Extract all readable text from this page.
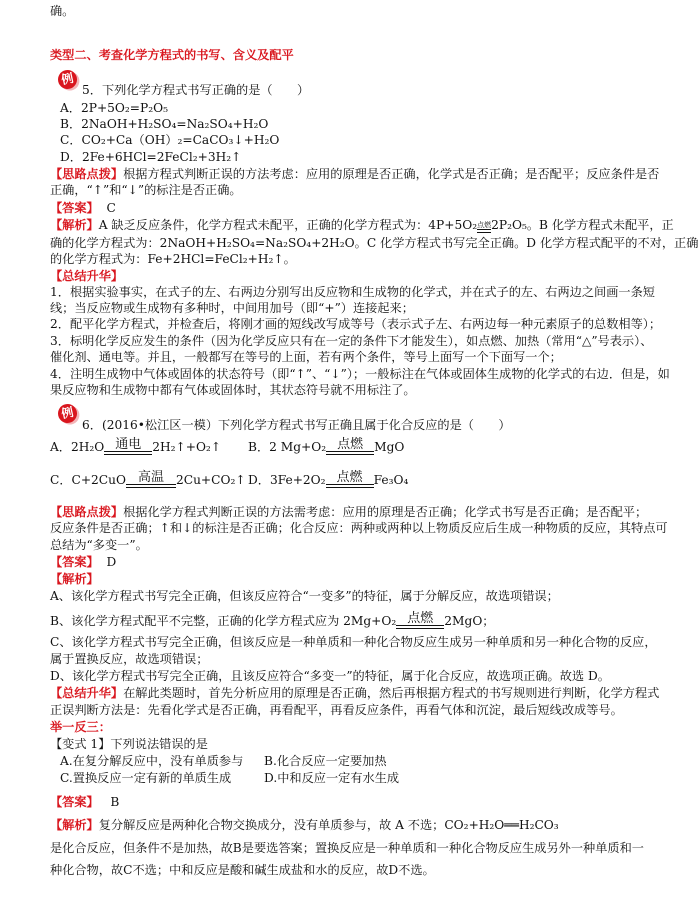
确。
类型二、考查化学方程式的书写、含义及配平
例
5．下列化学方程式书写正确的是（　　）
A．2P+5O₂=P₂O₅
B．2NaOH+H₂SO₄=Na₂SO₄+H₂O
C．CO₂+Ca（OH）₂=CaCO₃↓+H₂O
D．2Fe+6HCl=2FeCl₂+3H₂↑
【思路点拨】根据方程式判断正误的方法考虑：应用的原理是否正确，化学式是否正确；是否配平；反应条件是否
正确，“↑”和“↓”的标注是否正确。
【答案】 C
【解析】A 缺乏反应条件，化学方程式未配平，正确的化学方程式为：4P+5O₂ 点燃 2P₂O₅。B 化学方程式未配平，正
确的化学方程式为：2NaOH+H₂SO₄=Na₂SO₄+2H₂O。C 化学方程式书写完全正确。D 化学方程式配平的不对，正确
的化学方程式为：Fe+2HCl=FeCl₂+H₂↑。
【总结升华】
1．根据实验事实，在式子的左、右两边分别写出反应物和生成物的化学式，并在式子的左、右两边之间画一条短
线；当反应物或生成物有多种时，中间用加号（即“+”）连接起来；
2．配平化学方程式，并检查后，将刚才画的短线改写成等号（表示式子左、右两边每一种元素原子的总数相等）；
3．标明化学反应发生的条件（因为化学反应只有在一定的条件下才能发生），如点燃、加热（常用“△”号表示）、
催化剂、通电等。并且，一般都写在等号的上面，若有两个条件，等号上面写一个下面写一个；
4．注明生成物中气体或固体的状态符号（即“↑”、“↓”）；一般标注在气体或固体生成物的化学式的右边．但是，如
果反应物和生成物中都有气体或固体时，其状态符号就不用标注了。
例
6．(2016•松江区一模）下列化学方程式书写正确且属于化合反应的是（　　）
A．2H₂O 通电 2H₂↑+O₂↑	B．2 Mg+O₂ 点燃 MgO
C．C+2CuO 高温 2Cu+CO₂↑ D．3Fe+2O₂ 点燃 Fe₃O₄
【思路点拨】根据化学方程式判断正误的方法需考虑：应用的原理是否正确；化学式书写是否正确；是否配平；
反应条件是否正确；↑和↓的标注是否正确；化合反应：两种或两种以上物质反应后生成一种物质的反应，其特点可
总结为“多变一”。
【答案】 D
【解析】
A、该化学方程式书写完全正确，但该反应符合“一变多”的特征，属于分解反应，故选项错误；
B、该化学方程式配平不完整，正确的化学方程式应为 2Mg+O₂ 点燃 2MgO；
C、该化学方程式书写完全正确，但该反应是一种单质和一种化合物反应生成另一种单质和另一种化合物的反应，
属于置换反应，故选项错误；
D、该化学方程式书写完全正确，且该反应符合“多变一”的特征，属于化合反应，故选项正确。故选 D。
【总结升华】在解此类题时，首先分析应用的原理是否正确，然后再根据方程式的书写规则进行判断，化学方程式
正误判断方法是：先看化学式是否正确，再看配平，再看反应条件，再看气体和沉淀，最后短线改成等号。
举一反三：
【变式 1】下列说法错误的是
A.在复分解反应中，没有单质参与	B.化合反应一定要加热
C.置换反应一定有新的单质生成	D.中和反应一定有水生成
【答案】 B
【解析】复分解反应是两种化合物交换成分，没有单质参与，故 A 不选；CO₂+H₂O══H₂CO₃
是化合反应，但条件不是加热，故B是要选答案；置换反应是一种单质和一种化合物反应生成另外一种单质和一
种化合物，故C不选；中和反应是酸和碱生成盐和水的反应，故D不选。
